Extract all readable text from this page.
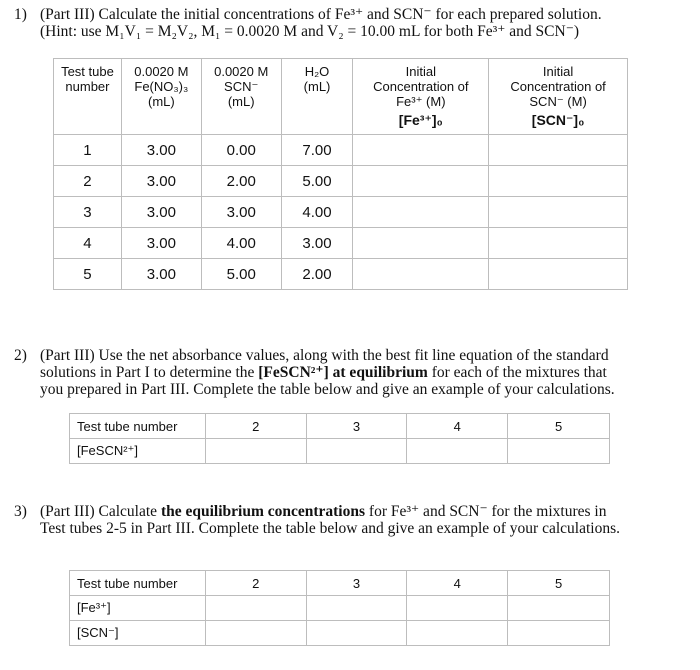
1) (Part III) Calculate the initial concentrations of Fe³⁺ and SCN⁻ for each prepared solution.
(Hint: use M₁V₁ = M₂V₂, M₁ = 0.0020 M and V₂ = 10.00 mL for both Fe³⁺ and SCN⁻)
Test tube
number	0.0020 M
Fe(NO₃)₃
(mL)	0.0020 M
SCN⁻
(mL)	H₂O
(mL)	Initial
Concentration of
Fe³⁺ (M)
[Fe³⁺]₀	Initial
Concentration of
SCN⁻ (M)
[SCN⁻]₀

1	3.00	0.00	7.00		
2	3.00	2.00	5.00		
3	3.00	3.00	4.00		
4	3.00	4.00	3.00		
5	3.00	5.00	2.00		
2) (Part III) Use the net absorbance values, along with the best fit line equation of the standard
solutions in Part I to determine the [FeSCN²⁺] at equilibrium for each of the mixtures that
you prepared in Part III. Complete the table below and give an example of your calculations.
Test tube number	2	3	4	5
[FeSCN²⁺]				
3) (Part III) Calculate the equilibrium concentrations for Fe³⁺ and SCN⁻ for the mixtures in
Test tubes 2-5 in Part III. Complete the table below and give an example of your calculations.
Test tube number	2	3	4	5
[Fe³⁺]				
[SCN⁻]				
